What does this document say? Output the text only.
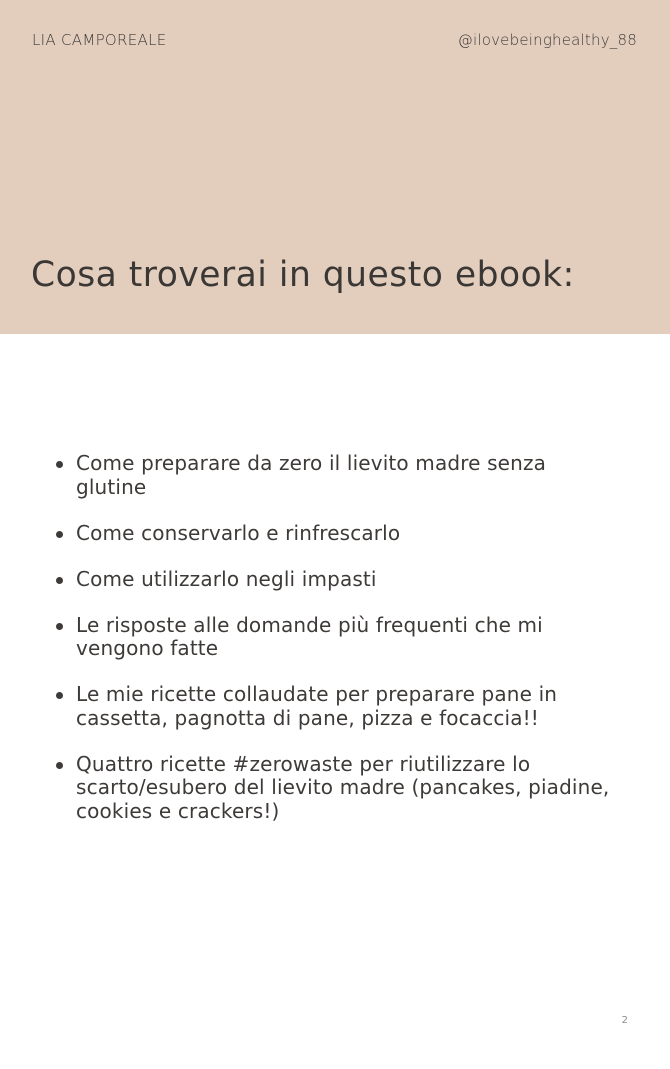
LIA CAMPOREALE	@ilovebeinghealthy_88
Cosa troverai in questo ebook:
Come preparare da zero il lievito madre senza glutine
Come conservarlo e rinfrescarlo
Come utilizzarlo negli impasti
Le risposte alle domande più frequenti che mi vengono fatte
Le mie ricette collaudate per preparare pane in cassetta, pagnotta di pane, pizza e focaccia!!
Quattro ricette #zerowaste per riutilizzare lo scarto/esubero del lievito madre (pancakes, piadine, cookies e crackers!)
2
